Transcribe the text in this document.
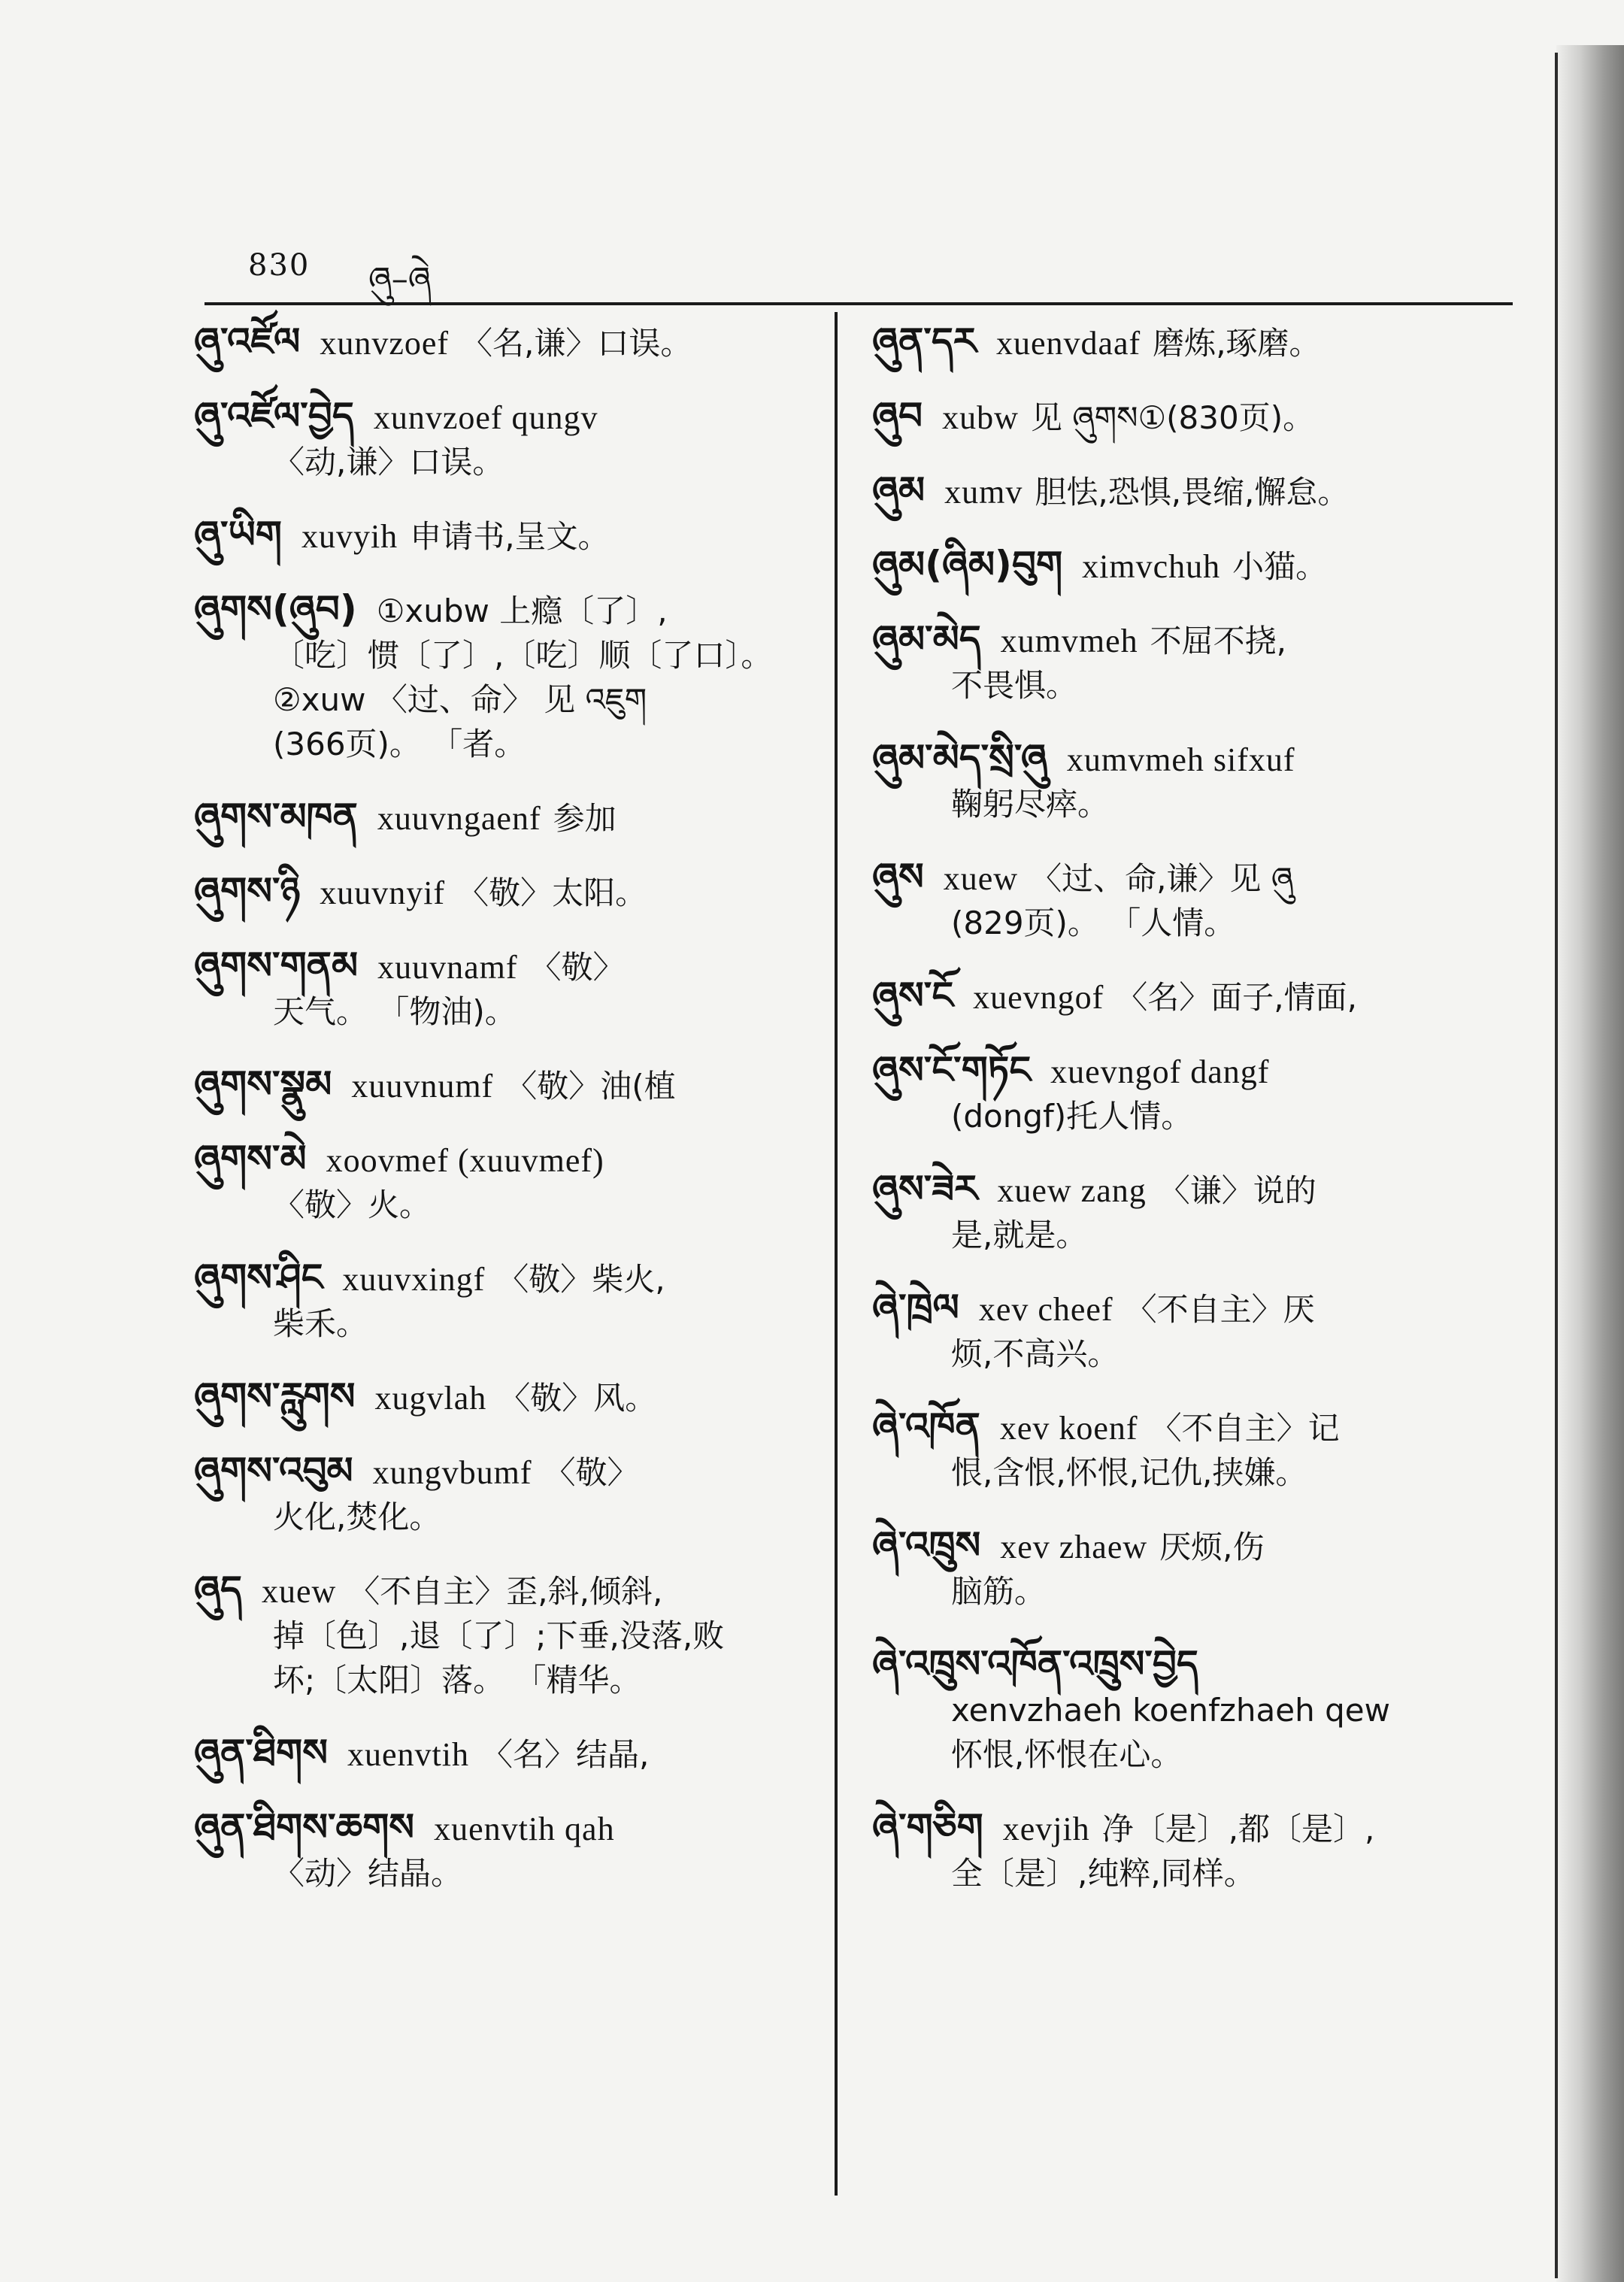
830 ཞུ–ཞེ
ཞུ་འཛོལ xunvzoef 〈名,谦〉口误。
ཞུ་འཛོལ་བྱེད xunvzoef qungv
〈动,谦〉口误。
ཞུ་ཡིག xuvyih 申请书,呈文。
ཞུགས(ཞུབ) ①xubw 上瘾〔了〕,
〔吃〕惯〔了〕,〔吃〕顺〔了口〕。
②xuw 〈过、命〉 见 འཇུག
(366页)。 「者。
ཞུགས་མཁན xuuvngaenf 参加
ཞུགས་ཉི xuuvnyif 〈敬〉太阳。
ཞུགས་གནམ xuuvnamf 〈敬〉
天气。 「物油)。
ཞུགས་སྣུམ xuuvnumf 〈敬〉油(植
ཞུགས་མེ xoovmef (xuuvmef)
〈敬〉火。
ཞུགས་ཤིང xuuvxingf 〈敬〉柴火,
柴禾。
ཞུགས་རླུགས xugvlah 〈敬〉风。
ཞུགས་འབུམ xungvbumf 〈敬〉
火化,焚化。
ཞུད xuew 〈不自主〉歪,斜,倾斜,
掉〔色〕,退〔了〕;下垂,没落,败
坏;〔太阳〕落。 「精华。
ཞུན་ཐིགས xuenvtih 〈名〉结晶,
ཞུན་ཐིགས་ཆགས xuenvtih qah
〈动〉结晶。
ཞུན་དར xuenvdaaf 磨炼,琢磨。
ཞུབ xubw 见 ཞུགས①(830页)。
ཞུམ xumv 胆怯,恐惧,畏缩,懈怠。
ཞུམ(ཞིམ)བུག ximvchuh 小猫。
ཞུམ་མེད xumvmeh 不屈不挠,
不畏惧。
ཞུམ་མེད་སྲི་ཞུ xumvmeh sifxuf
鞠躬尽瘁。
ཞུས xuew 〈过、命,谦〉见 ཞུ
(829页)。 「人情。
ཞུས་ངོ xuevngof 〈名〉面子,情面,
ཞུས་ངོ་གཏོང xuevngof dangf
(dongf)托人情。
ཞུས་ཟེར xuew zang 〈谦〉说的
是,就是。
ཞེ་ཁྲེལ xev cheef 〈不自主〉厌
烦,不高兴。
ཞེ་འཁོན xev koenf 〈不自主〉记
恨,含恨,怀恨,记仇,挟嫌。
ཞེ་འཁྲུས xev zhaew 厌烦,伤
脑筋。
ཞེ་འཁྲུས་འཁོན་འཁྲུས་བྱེད
xenvzhaeh koenfzhaeh qew
怀恨,怀恨在心。
ཞེ་གཅིག xevjih 净〔是〕,都〔是〕,
全〔是〕,纯粹,同样。
